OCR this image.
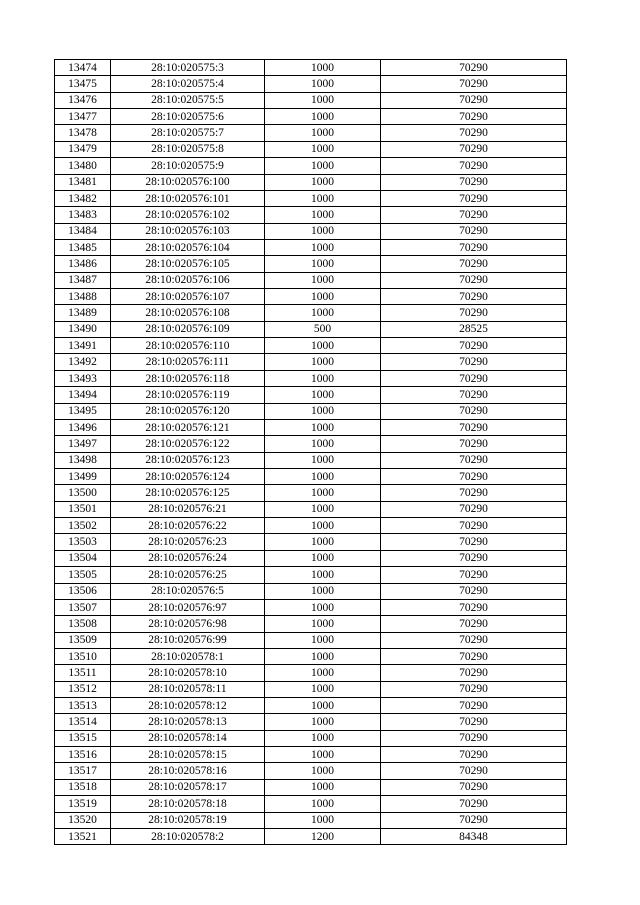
13474	28:10:020575:3	1000	70290
13475	28:10:020575:4	1000	70290
13476	28:10:020575:5	1000	70290
13477	28:10:020575:6	1000	70290
13478	28:10:020575:7	1000	70290
13479	28:10:020575:8	1000	70290
13480	28:10:020575:9	1000	70290
13481	28:10:020576:100	1000	70290
13482	28:10:020576:101	1000	70290
13483	28:10:020576:102	1000	70290
13484	28:10:020576:103	1000	70290
13485	28:10:020576:104	1000	70290
13486	28:10:020576:105	1000	70290
13487	28:10:020576:106	1000	70290
13488	28:10:020576:107	1000	70290
13489	28:10:020576:108	1000	70290
13490	28:10:020576:109	500	28525
13491	28:10:020576:110	1000	70290
13492	28:10:020576:111	1000	70290
13493	28:10:020576:118	1000	70290
13494	28:10:020576:119	1000	70290
13495	28:10:020576:120	1000	70290
13496	28:10:020576:121	1000	70290
13497	28:10:020576:122	1000	70290
13498	28:10:020576:123	1000	70290
13499	28:10:020576:124	1000	70290
13500	28:10:020576:125	1000	70290
13501	28:10:020576:21	1000	70290
13502	28:10:020576:22	1000	70290
13503	28:10:020576:23	1000	70290
13504	28:10:020576:24	1000	70290
13505	28:10:020576:25	1000	70290
13506	28:10:020576:5	1000	70290
13507	28:10:020576:97	1000	70290
13508	28:10:020576:98	1000	70290
13509	28:10:020576:99	1000	70290
13510	28:10:020578:1	1000	70290
13511	28:10:020578:10	1000	70290
13512	28:10:020578:11	1000	70290
13513	28:10:020578:12	1000	70290
13514	28:10:020578:13	1000	70290
13515	28:10:020578:14	1000	70290
13516	28:10:020578:15	1000	70290
13517	28:10:020578:16	1000	70290
13518	28:10:020578:17	1000	70290
13519	28:10:020578:18	1000	70290
13520	28:10:020578:19	1000	70290
13521	28:10:020578:2	1200	84348
